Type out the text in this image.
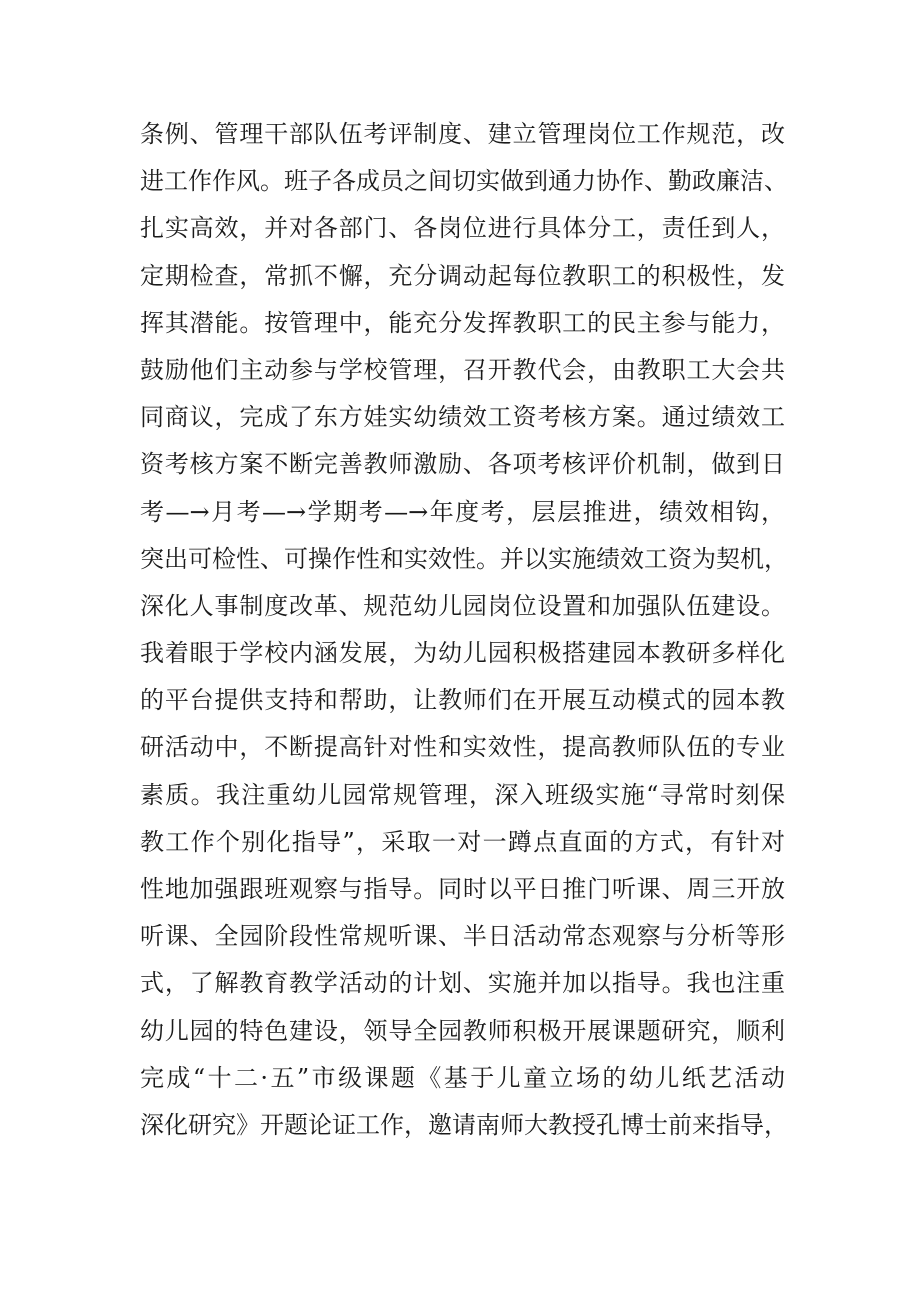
条例、管理干部队伍考评制度、建立管理岗位工作规范，改
进工作作风。班子各成员之间切实做到通力协作、勤政廉洁、
扎实高效，并对各部门、各岗位进行具体分工，责任到人，
定期检查，常抓不懈，充分调动起每位教职工的积极性，发
挥其潜能。按管理中，能充分发挥教职工的民主参与能力，
鼓励他们主动参与学校管理，召开教代会，由教职工大会共
同商议，完成了东方娃实幼绩效工资考核方案。通过绩效工
资考核方案不断完善教师激励、各项考核评价机制，做到日
考—→月考—→学期考—→年度考，层层推进，绩效相钩，
突出可检性、可操作性和实效性。并以实施绩效工资为契机，
深化人事制度改革、规范幼儿园岗位设置和加强队伍建设。
我着眼于学校内涵发展，为幼儿园积极搭建园本教研多样化
的平台提供支持和帮助，让教师们在开展互动模式的园本教
研活动中，不断提高针对性和实效性，提高教师队伍的专业
素质。我注重幼儿园常规管理，深入班级实施“寻常时刻保
教工作个别化指导”，采取一对一蹲点直面的方式，有针对
性地加强跟班观察与指导。同时以平日推门听课、周三开放
听课、全园阶段性常规听课、半日活动常态观察与分析等形
式，了解教育教学活动的计划、实施并加以指导。我也注重
幼儿园的特色建设，领导全园教师积极开展课题研究，顺利
完成“十二·五”市级课题《基于儿童立场的幼儿纸艺活动
深化研究》开题论证工作，邀请南师大教授孔博士前来指导，
